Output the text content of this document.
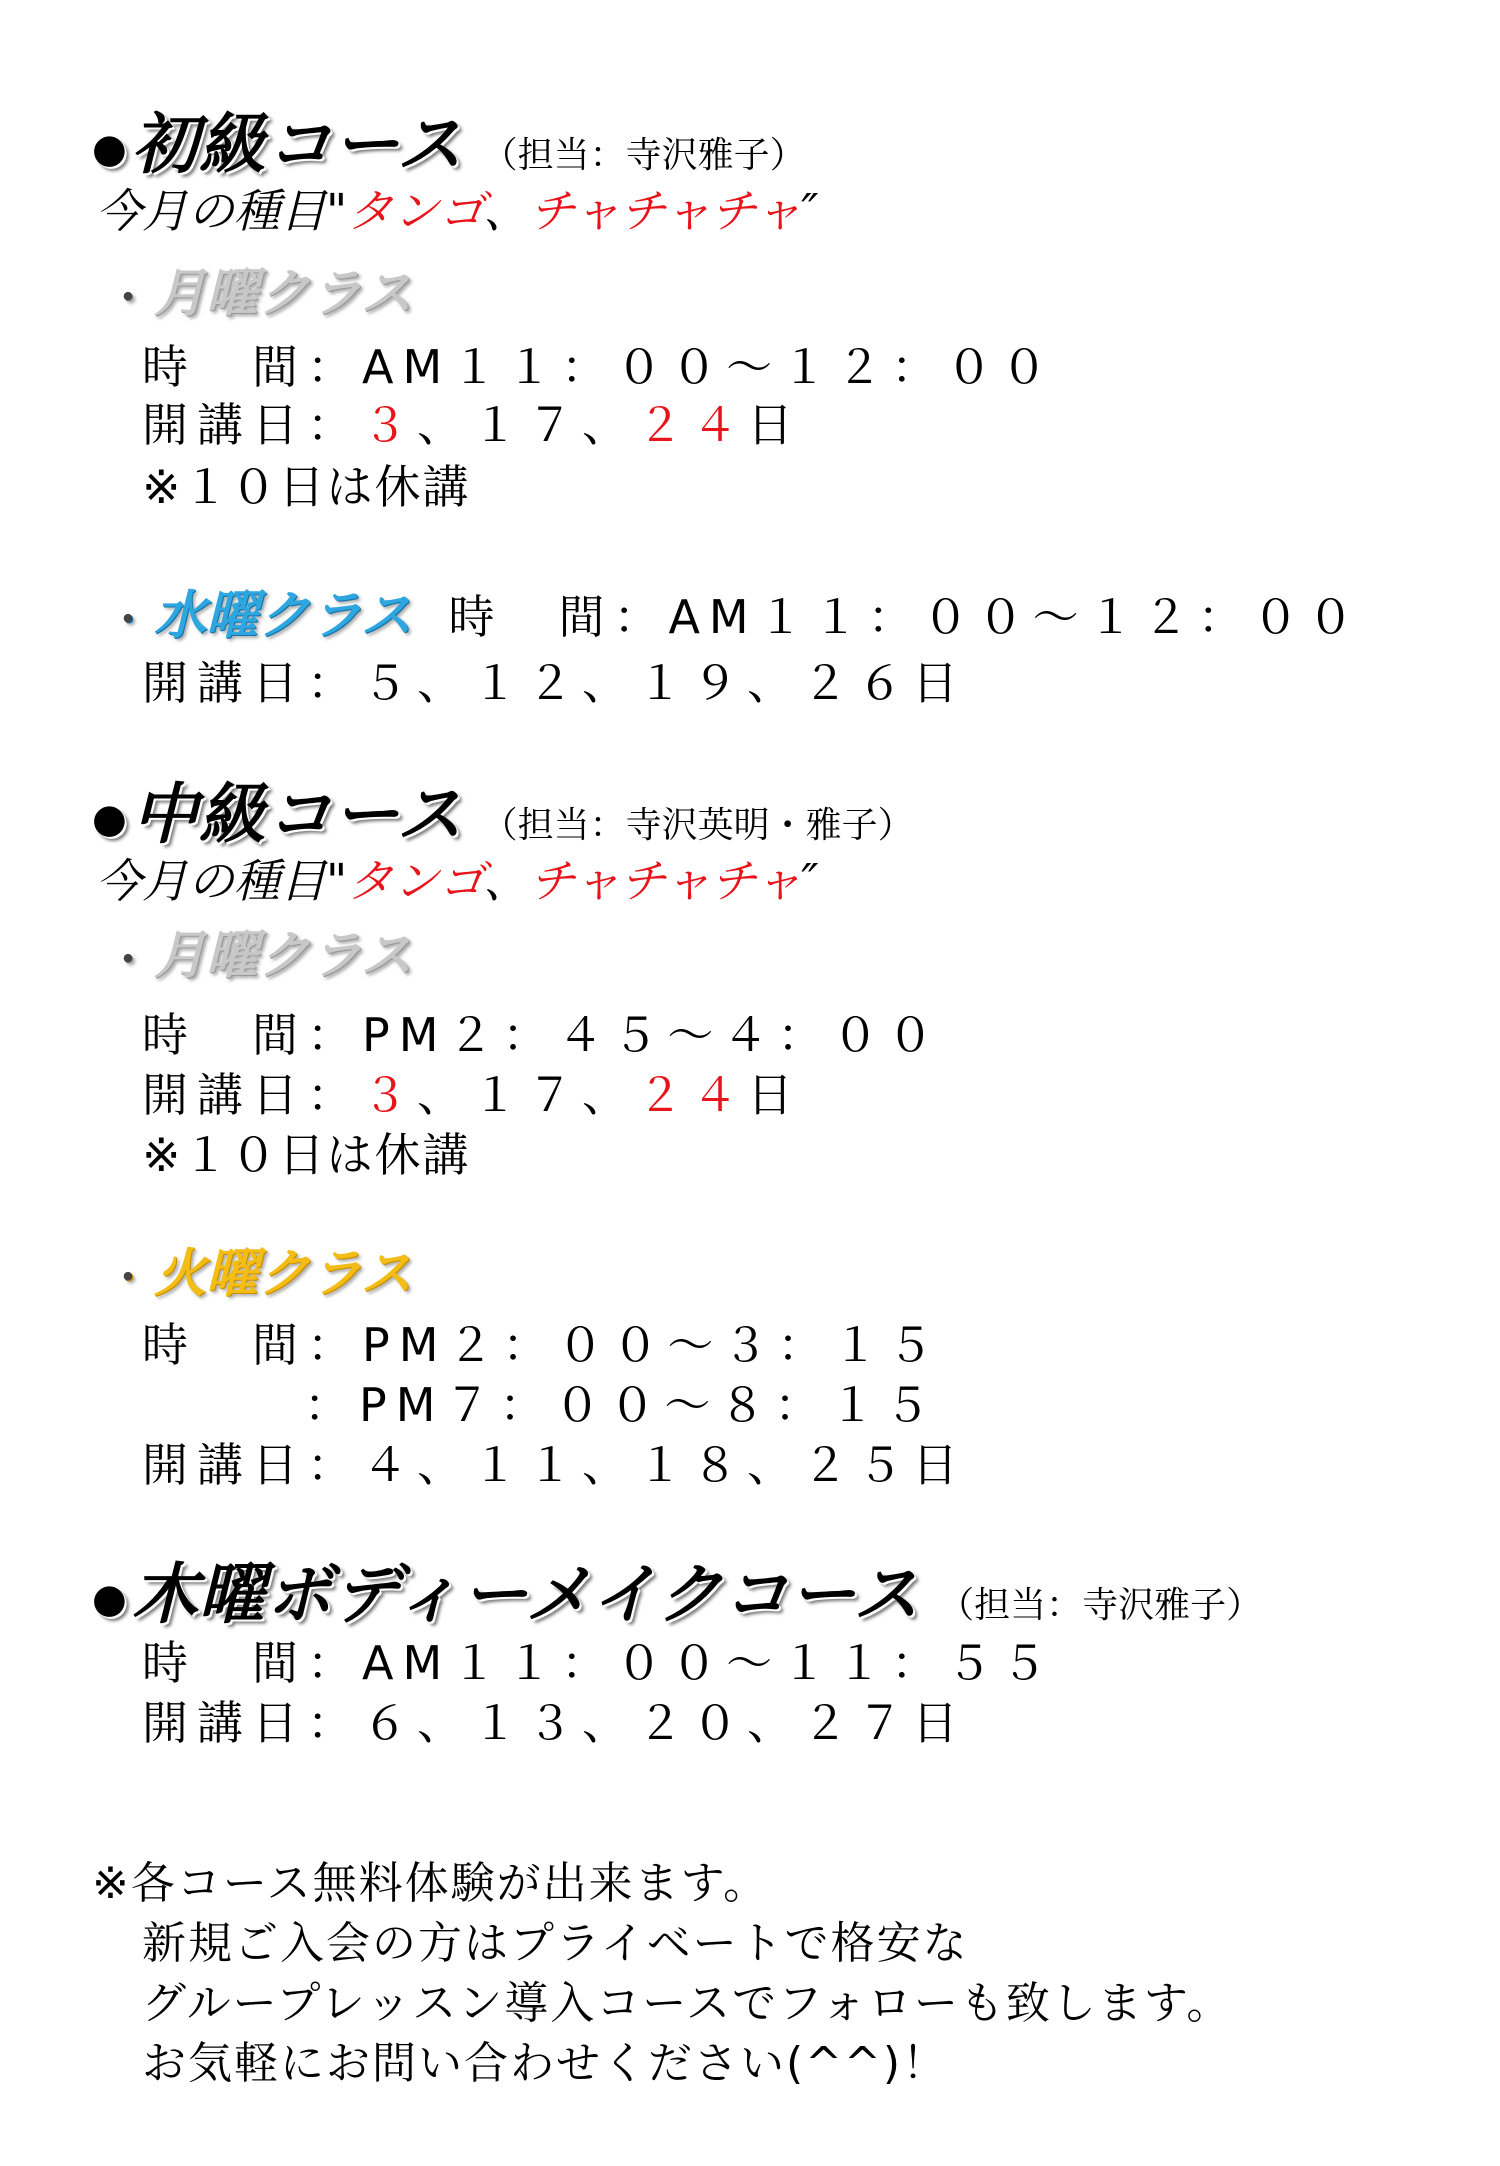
●初級コース （担当：寺沢雅子）
今月の種目"タンゴ、チャチャチャ″
・ 月曜クラス
時　間：AM１１：００～１２：００
開講日：３、１７、２４日
※１０日は休講
・ 水曜クラス 時　間：AM１１：００～１２：００
開講日：５、１２、１９、２６日
●中級コース （担当：寺沢英明・雅子）
今月の種目"タンゴ、チャチャチャ″
・ 月曜クラス
時　間：PM２：４５～４：００
開講日：３、１７、２４日
※１０日は休講
・ 火曜クラス
時　間：PM２：００～３：１５
：PM７：００～８：１５
開講日：４、１１、１８、２５日
●木曜ボディーメイクコース （担当：寺沢雅子）
時　間：AM１１：００～１１：５５
開講日：６、１３、２０、２７日
※各コース無料体験が出来ます。
新規ご入会の方はプライベートで格安な
グループレッスン導入コースでフォローも致します。
お気軽にお問い合わせください(^^)！
